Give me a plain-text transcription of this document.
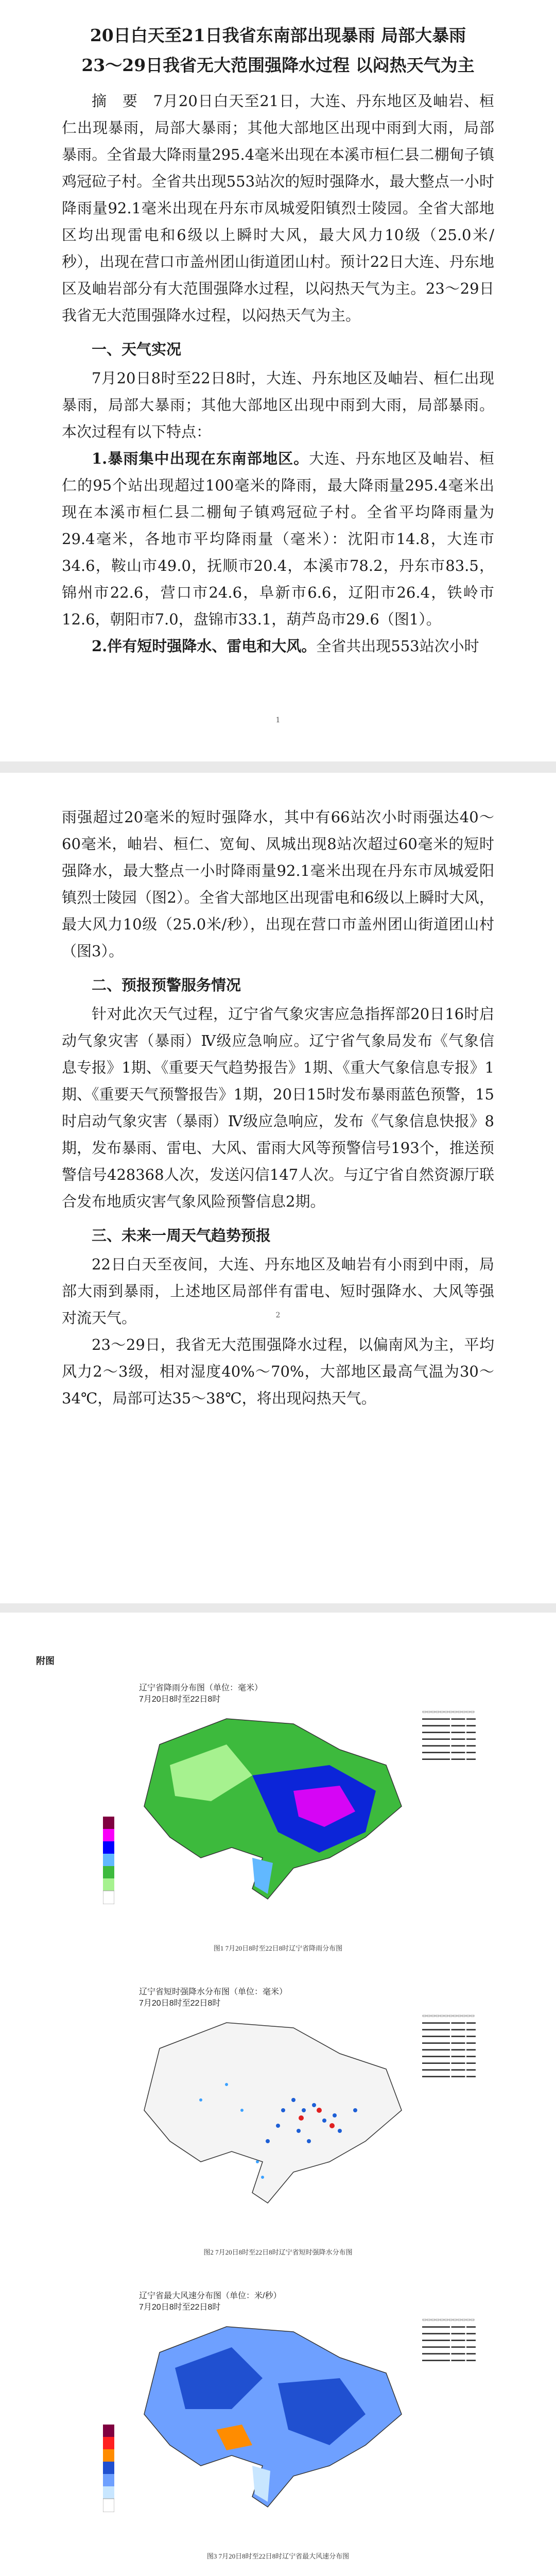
20日白天至21日我省东南部出现暴雨 局部大暴雨

23～29日我省无大范围强降水过程 以闷热天气为主

摘　要　7月20日白天至21日，大连、丹东地区及岫岩、桓仁出现暴雨，局部大暴雨；其他大部地区出现中雨到大雨，局部暴雨。全省最大降雨量295.4毫米出现在本溪市桓仁县二棚甸子镇鸡冠砬子村。全省共出现553站次的短时强降水，最大整点一小时降雨量92.1毫米出现在丹东市凤城爱阳镇烈士陵园。全省大部地区均出现雷电和6级以上瞬时大风，最大风力10级（25.0米/秒），出现在营口市盖州团山街道团山村。预计22日大连、丹东地区及岫岩部分有大范围强降水过程，以闷热天气为主。23～29日我省无大范围强降水过程，以闷热天气为主。

一、天气实况

7月20日8时至22日8时，大连、丹东地区及岫岩、桓仁出现暴雨，局部大暴雨；其他大部地区出现中雨到大雨，局部暴雨。本次过程有以下特点：

1.暴雨集中出现在东南部地区。大连、丹东地区及岫岩、桓仁的95个站出现超过100毫米的降雨，最大降雨量295.4毫米出现在本溪市桓仁县二棚甸子镇鸡冠砬子村。全省平均降雨量为29.4毫米，各地市平均降雨量（毫米）：沈阳市14.8，大连市34.6，鞍山市49.0，抚顺市20.4，本溪市78.2，丹东市83.5，锦州市22.6，营口市24.6，阜新市6.6，辽阳市26.4，铁岭市12.6，朝阳市7.0，盘锦市33.1，葫芦岛市29.6（图1）。

2.伴有短时强降水、雷电和大风。全省共出现553站次小时

1

雨强超过20毫米的短时强降水，其中有66站次小时雨强达40～60毫米，岫岩、桓仁、宽甸、凤城出现8站次超过60毫米的短时强降水，最大整点一小时降雨量92.1毫米出现在丹东市凤城爱阳镇烈士陵园（图2）。全省大部地区出现雷电和6级以上瞬时大风，最大风力10级（25.0米/秒），出现在营口市盖州团山街道团山村（图3）。

二、预报预警服务情况

针对此次天气过程，辽宁省气象灾害应急指挥部20日16时启动气象灾害（暴雨）Ⅳ级应急响应。辽宁省气象局发布《气象信息专报》1期、《重要天气趋势报告》1期、《重大气象信息专报》1期、《重要天气预警报告》1期，20日15时发布暴雨蓝色预警，15时启动气象灾害（暴雨）Ⅳ级应急响应，发布《气象信息快报》8期，发布暴雨、雷电、大风、雷雨大风等预警信号193个，推送预警信号428368人次，发送闪信147人次。与辽宁省自然资源厅联合发布地质灾害气象风险预警信息2期。

三、未来一周天气趋势预报

22日白天至夜间，大连、丹东地区及岫岩有小雨到中雨，局部大雨到暴雨，上述地区局部伴有雷电、短时强降水、大风等强对流天气。

23～29日，我省无大范围强降水过程，以偏南风为主，平均风力2～3级，相对湿度40%～70%，大部地区最高气温为30～34℃，局部可达35～38℃，将出现闷热天气。

2
附图
辽宁省降雨分布图（单位：毫米）
7月20日8时至22日8时
▭▭▭▭▭▭▭▭▭▭▭▭
▬▬▬▬▬▬ ▬▬▬ ▬▬
▬▬▬▬▬▬ ▬▬▬ ▬▬
▬▬▬▬▬▬ ▬▬▬ ▬▬
▬▬▬▬▬▬ ▬▬▬ ▬▬
▬▬▬▬▬▬ ▬▬▬ ▬▬
▬▬▬▬▬▬ ▬▬▬ ▬▬
▬▬▬▬▬▬ ▬▬▬ ▬▬
图1 7月20日8时至22日8时辽宁省降雨分布图
辽宁省短时强降水分布图（单位：毫米）
7月20日8时至22日8时
▭▭▭▭▭▭▭▭▭▭▭▭
▬▬▬▬▬▬ ▬▬▬ ▬▬
▬▬▬▬▬▬ ▬▬▬ ▬▬
▬▬▬▬▬▬ ▬▬▬ ▬▬
▬▬▬▬▬▬ ▬▬▬ ▬▬
▬▬▬▬▬▬ ▬▬▬ ▬▬
▬▬▬▬▬▬ ▬▬▬ ▬▬
▬▬▬▬▬▬ ▬▬▬ ▬▬
▬▬▬▬▬▬ ▬▬▬ ▬▬
▬▬▬▬▬▬ ▬▬▬ ▬▬
图2 7月20日8时至22日8时辽宁省短时强降水分布图
辽宁省最大风速分布图（单位：米/秒）
7月20日8时至22日8时
▭▭▭▭▭▭▭▭▭▭▭▭
▬▬▬▬▬▬ ▬▬▬ ▬▬
▬▬▬▬▬▬ ▬▬▬ ▬▬
▬▬▬▬▬▬ ▬▬▬ ▬▬
▬▬▬▬▬▬ ▬▬▬ ▬▬
▬▬▬▬▬▬ ▬▬▬ ▬▬
▬▬▬▬▬▬ ▬▬▬ ▬▬
图3 7月20日8时至22日8时辽宁省最大风速分布图
